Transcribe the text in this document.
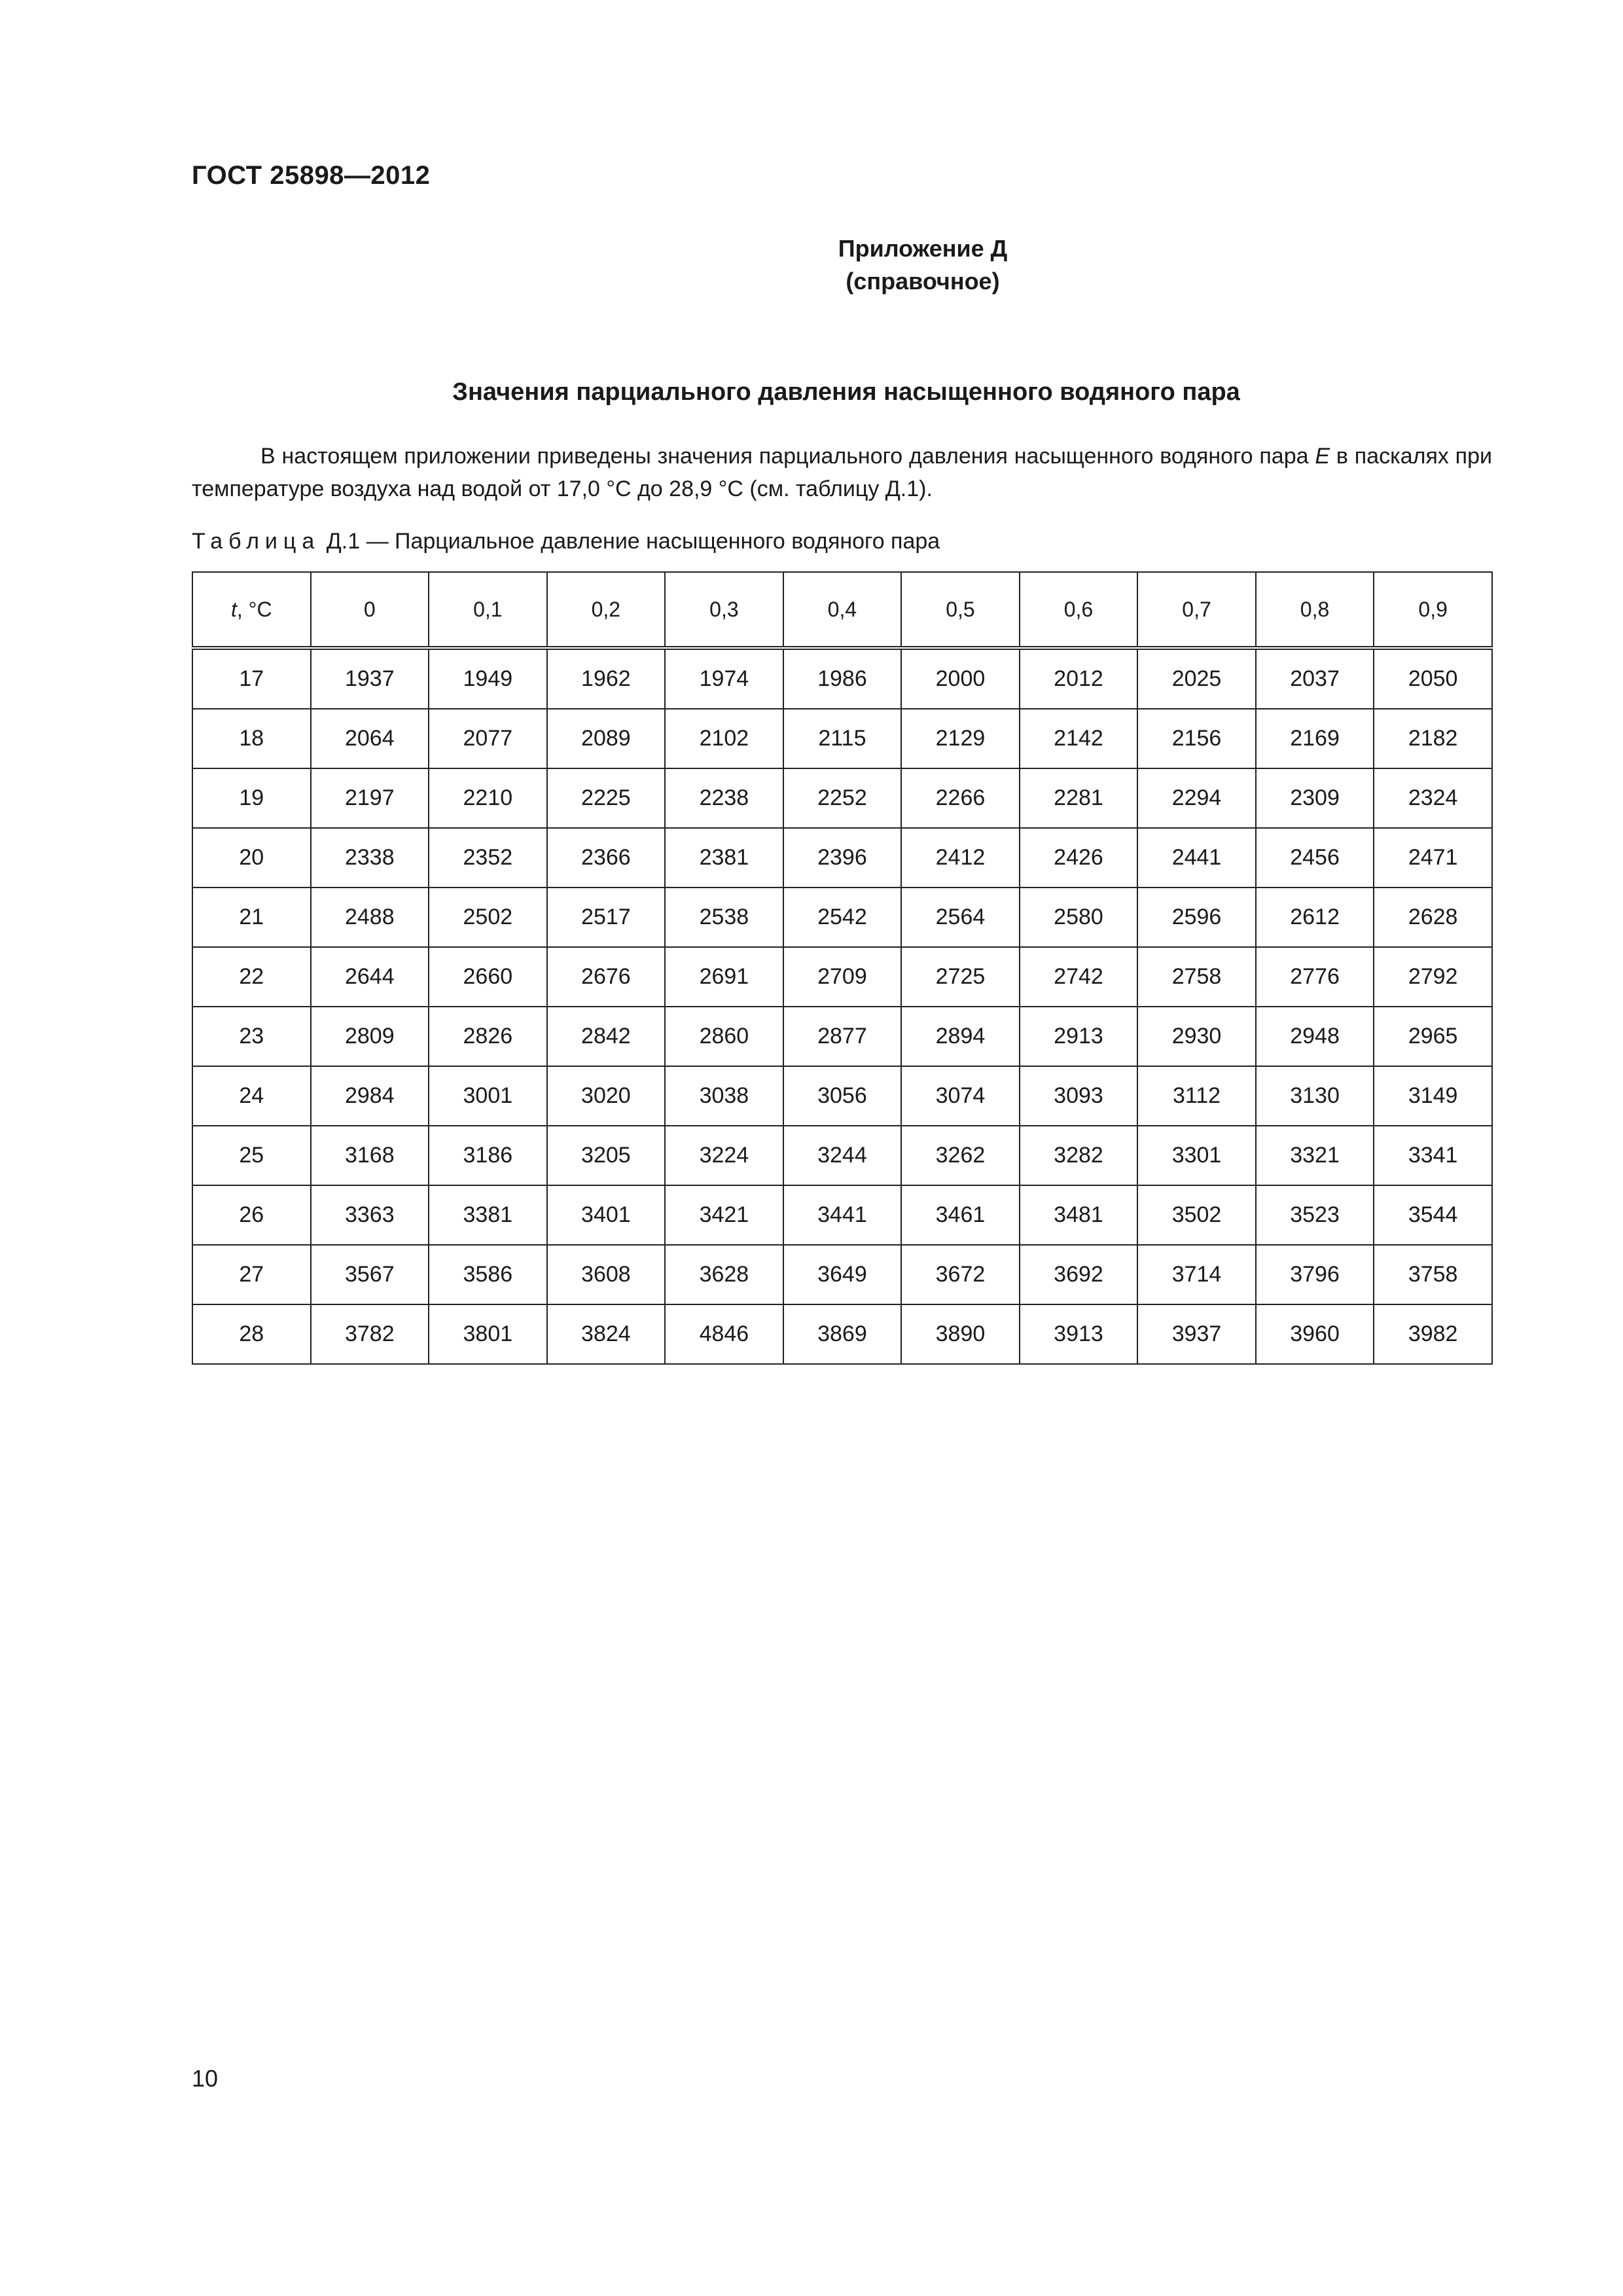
ГОСТ 25898—2012
Приложение Д
(справочное)
Значения парциального давления насыщенного водяного пара
В настоящем приложении приведены значения парциального давления насыщенного водяного пара E в паскалях при температуре воздуха над водой от 17,0 °С до 28,9 °С (см. таблицу Д.1).
Таблица Д.1 — Парциальное давление насыщенного водяного пара
t, °С	0	0,1	0,2	0,3	0,4	0,5	0,6	0,7	0,8	0,9
17	1937	1949	1962	1974	1986	2000	2012	2025	2037	2050
18	2064	2077	2089	2102	2115	2129	2142	2156	2169	2182
19	2197	2210	2225	2238	2252	2266	2281	2294	2309	2324
20	2338	2352	2366	2381	2396	2412	2426	2441	2456	2471
21	2488	2502	2517	2538	2542	2564	2580	2596	2612	2628
22	2644	2660	2676	2691	2709	2725	2742	2758	2776	2792
23	2809	2826	2842	2860	2877	2894	2913	2930	2948	2965
24	2984	3001	3020	3038	3056	3074	3093	3112	3130	3149
25	3168	3186	3205	3224	3244	3262	3282	3301	3321	3341
26	3363	3381	3401	3421	3441	3461	3481	3502	3523	3544
27	3567	3586	3608	3628	3649	3672	3692	3714	3796	3758
28	3782	3801	3824	4846	3869	3890	3913	3937	3960	3982
10
